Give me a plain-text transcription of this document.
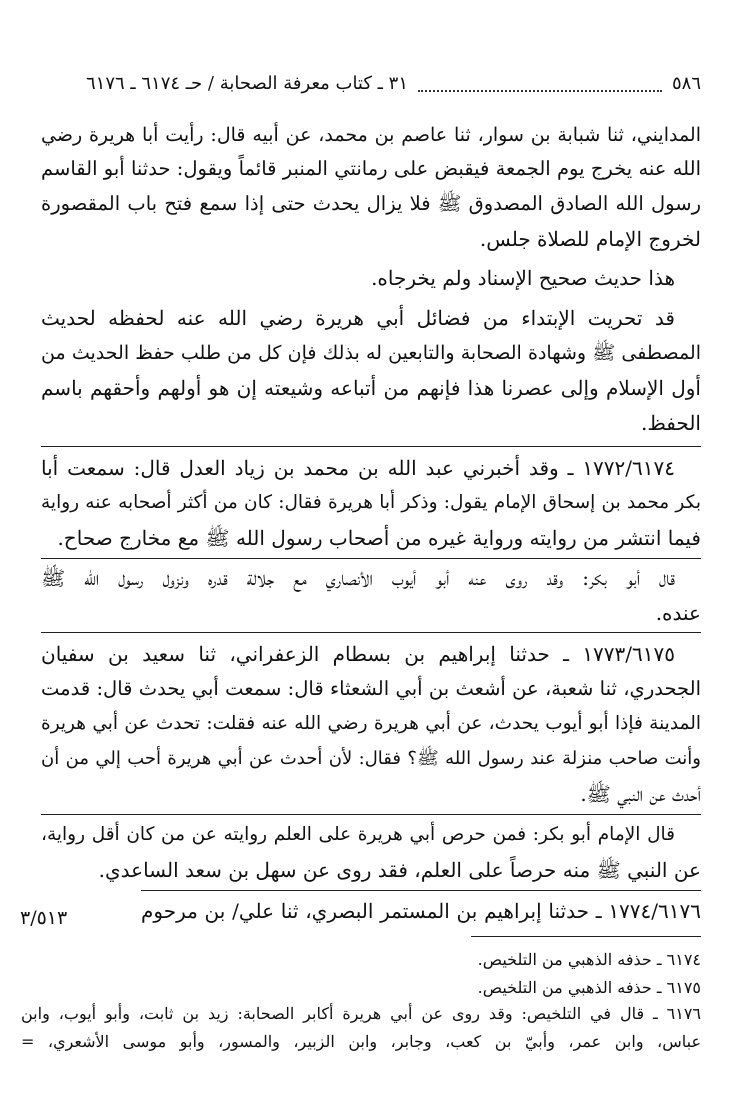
٥٨٦
٣١ ـ كتاب معرفة الصحابة / حـ ٦١٧٤ ـ ٦١٧٦
المدايني، ثنا شبابة بن سوار، ثنا عاصم بن محمد، عن أبيه قال: رأيت أبا هريرة رضي
الله عنه يخرج يوم الجمعة فيقبض على رمانتي المنبر قائماً ويقول: حدثنا أبو القاسم
رسول الله الصادق المصدوق ﷺ فلا يزال يحدث حتى إذا سمع فتح باب المقصورة
لخروج الإمام للصلاة جلس.
هذا حديث صحيح الإسناد ولم يخرجاه.
قد تحريت الإبتداء من فضائل أبي هريرة رضي الله عنه لحفظه لحديث
المصطفى ﷺ وشهادة الصحابة والتابعين له بذلك فإن كل من طلب حفظ الحديث من
أول الإسلام وإلى عصرنا هذا فإنهم من أتباعه وشيعته إن هو أولهم وأحقهم باسم
الحفظ.
١٧٧٢/٦١٧٤ ـ وقد أخبرني عبد الله بن محمد بن زياد العدل قال: سمعت أبا
بكر محمد بن إسحاق الإمام يقول: وذكر أبا هريرة فقال: كان من أكثر أصحابه عنه رواية
فيما انتشر من روايته ورواية غيره من أصحاب رسول الله ﷺ مع مخارج صحاح.
قال أبو بكر: وقد روى عنه أبو أيوب الأنصاري مع جلالة قدره ونزول رسول الله ﷺ
عنده.
١٧٧٣/٦١٧٥ ـ حدثنا إبراهيم بن بسطام الزعفراني، ثنا سعيد بن سفيان
الجحدري، ثنا شعبة، عن أشعث بن أبي الشعثاء قال: سمعت أبي يحدث قال: قدمت
المدينة فإذا أبو أيوب يحدث، عن أبي هريرة رضي الله عنه فقلت: تحدث عن أبي هريرة
وأنت صاحب منزلة عند رسول الله ﷺ؟ فقال: لأن أحدث عن أبي هريرة أحب إلي من أن
أحدث عن النبي ﷺ.
قال الإمام أبو بكر: فمن حرص أبي هريرة على العلم روايته عن من كان أقل رواية،
عن النبي ﷺ منه حرصاً على العلم، فقد روى عن سهل بن سعد الساعدي.
١٧٧٤/٦١٧٦ ـ حدثنا إبراهيم بن المستمر البصري، ثنا علي/ بن مرحوم
٣/٥١٣
٦١٧٤ ـ حذفه الذهبي من التلخيص.
٦١٧٥ ـ حذفه الذهبي من التلخيص.
٦١٧٦ ـ قال في التلخيص: وقد روى عن أبي هريرة أكابر الصحابة: زيد بن ثابت، وأبو أيوب، وابن
عباس، وابن عمر، وأبيّ بن كعب، وجابر، وابن الزبير، والمسور، وأبو موسى الأشعري، =
